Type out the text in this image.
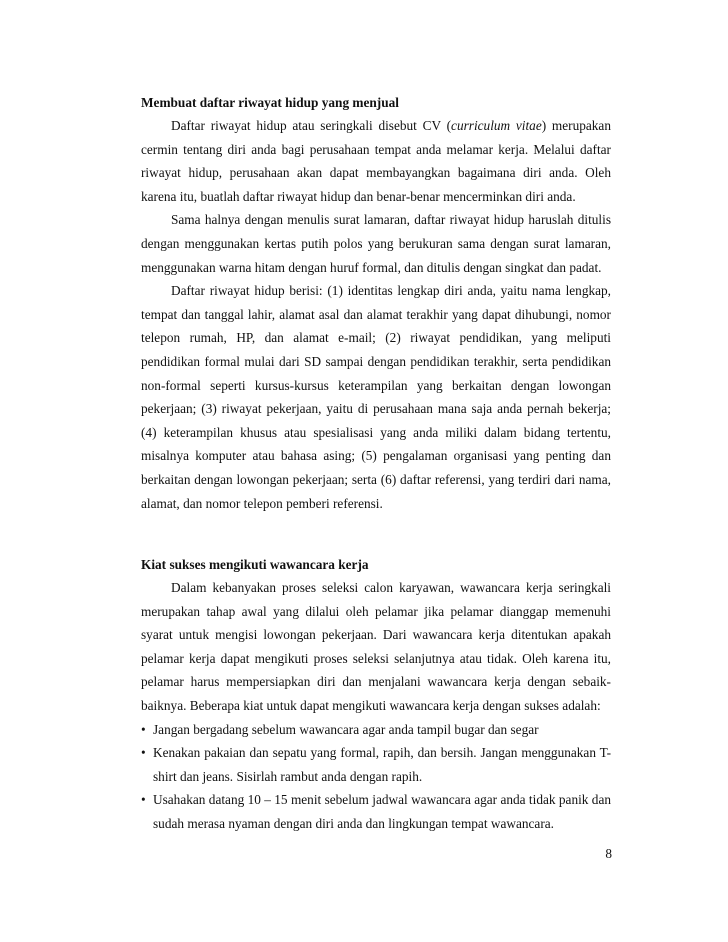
Membuat daftar riwayat hidup yang menjual

Daftar riwayat hidup atau seringkali disebut CV (curriculum vitae) merupakan cermin tentang diri anda bagi perusahaan tempat anda melamar kerja. Melalui daftar riwayat hidup, perusahaan akan dapat membayangkan bagaimana diri anda. Oleh karena itu, buatlah daftar riwayat hidup dan benar-benar mencerminkan diri anda.

Sama halnya dengan menulis surat lamaran, daftar riwayat hidup haruslah ditulis dengan menggunakan kertas putih polos yang berukuran sama dengan surat lamaran, menggunakan warna hitam dengan huruf formal, dan ditulis dengan singkat dan padat.

Daftar riwayat hidup berisi: (1) identitas lengkap diri anda, yaitu nama lengkap, tempat dan tanggal lahir, alamat asal dan alamat terakhir yang dapat dihubungi, nomor telepon rumah, HP, dan alamat e-mail; (2) riwayat pendidikan, yang meliputi pendidikan formal mulai dari SD sampai dengan pendidikan terakhir, serta pendidikan non-formal seperti kursus-kursus keterampilan yang berkaitan dengan lowongan pekerjaan; (3) riwayat pekerjaan, yaitu di perusahaan mana saja anda pernah bekerja; (4) keterampilan khusus atau spesialisasi yang anda miliki dalam bidang tertentu, misalnya komputer atau bahasa asing; (5) pengalaman organisasi yang penting dan berkaitan dengan lowongan pekerjaan; serta (6) daftar referensi, yang terdiri dari nama, alamat, dan nomor telepon pemberi referensi.

Kiat sukses mengikuti wawancara kerja

Dalam kebanyakan proses seleksi calon karyawan, wawancara kerja seringkali merupakan tahap awal yang dilalui oleh pelamar jika pelamar dianggap memenuhi syarat untuk mengisi lowongan pekerjaan. Dari wawancara kerja ditentukan apakah pelamar kerja dapat mengikuti proses seleksi selanjutnya atau tidak. Oleh karena itu, pelamar harus mempersiapkan diri dan menjalani wawancara kerja dengan sebaik-baiknya. Beberapa kiat untuk dapat mengikuti wawancara kerja dengan sukses adalah:

• Jangan bergadang sebelum wawancara agar anda tampil bugar dan segar
• Kenakan pakaian dan sepatu yang formal, rapih, dan bersih. Jangan menggunakan T-shirt dan jeans. Sisirlah rambut anda dengan rapih.
• Usahakan datang 10 – 15 menit sebelum jadwal wawancara agar anda tidak panik dan sudah merasa nyaman dengan diri anda dan lingkungan tempat wawancara.
8
